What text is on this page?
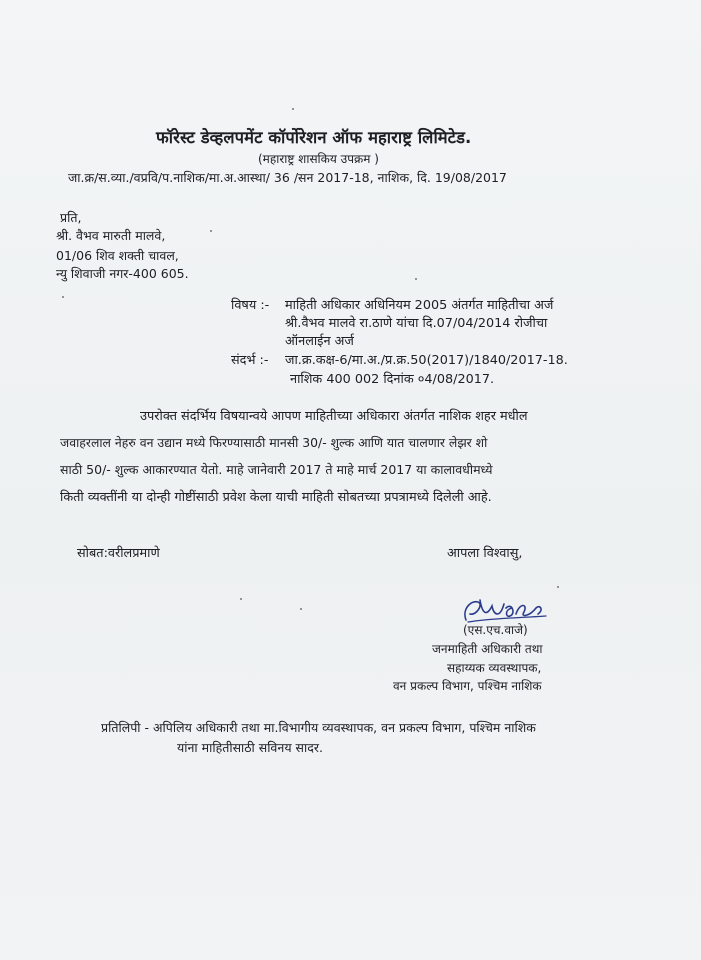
फॉरेस्ट डेव्हलपमेंट कॉर्पोरेशन ऑफ महाराष्ट्र लिमिटेड.
(महाराष्ट्र शासकिय उपक्रम )
जा.क्र/स.व्या./वप्रवि/प.नाशिक/मा.अ.आस्था/ 36 /सन 2017-18, नाशिक, दि. 19/08/2017
प्रति,
श्री. वैभव मारुती मालवे,
01/06 शिव शक्ती चावल,
न्यु शिवाजी नगर-400 605.
विषय :- माहिती अधिकार अधिनियम 2005 अंतर्गत माहितीचा अर्ज
श्री.वैभव मालवे रा.ठाणे यांचा दि.07/04/2014 रोजीचा
ऑनलाईन अर्ज
संदर्भ :- जा.क्र.कक्ष-6/मा.अ./प्र.क्र.50(2017)/1840/2017-18.
नाशिक 400 002 दिनांक ०4/08/2017.
उपरोक्त संदर्भिय विषयान्वये आपण माहितीच्या अधिकारा अंतर्गत नाशिक शहर मधील
जवाहरलाल नेहरु वन उद्यान मध्ये फिरण्यासाठी मानसी 30/- शुल्क आणि यात चालणार लेझर शो
साठी 50/- शुल्क आकारण्यात येतो. माहे जानेवारी 2017 ते माहे मार्च 2017 या कालावधीमध्ये
किती व्यक्तींनी या दोन्ही गोष्टींसाठी प्रवेश केला याची माहिती सोबतच्या प्रपत्रामध्ये दिलेली आहे.
सोबत:वरीलप्रमाणे	आपला विश्वासु,
(एस.एच.वाजे)
जनमाहिती अधिकारी तथा
सहाय्यक व्यवस्थापक,
वन प्रकल्प विभाग, पश्चिम नाशिक
प्रतिलिपी - अपिलिय अधिकारी तथा मा.विभागीय व्यवस्थापक, वन प्रकल्प विभाग, पश्चिम नाशिक
यांना माहितीसाठी सविनय सादर.
